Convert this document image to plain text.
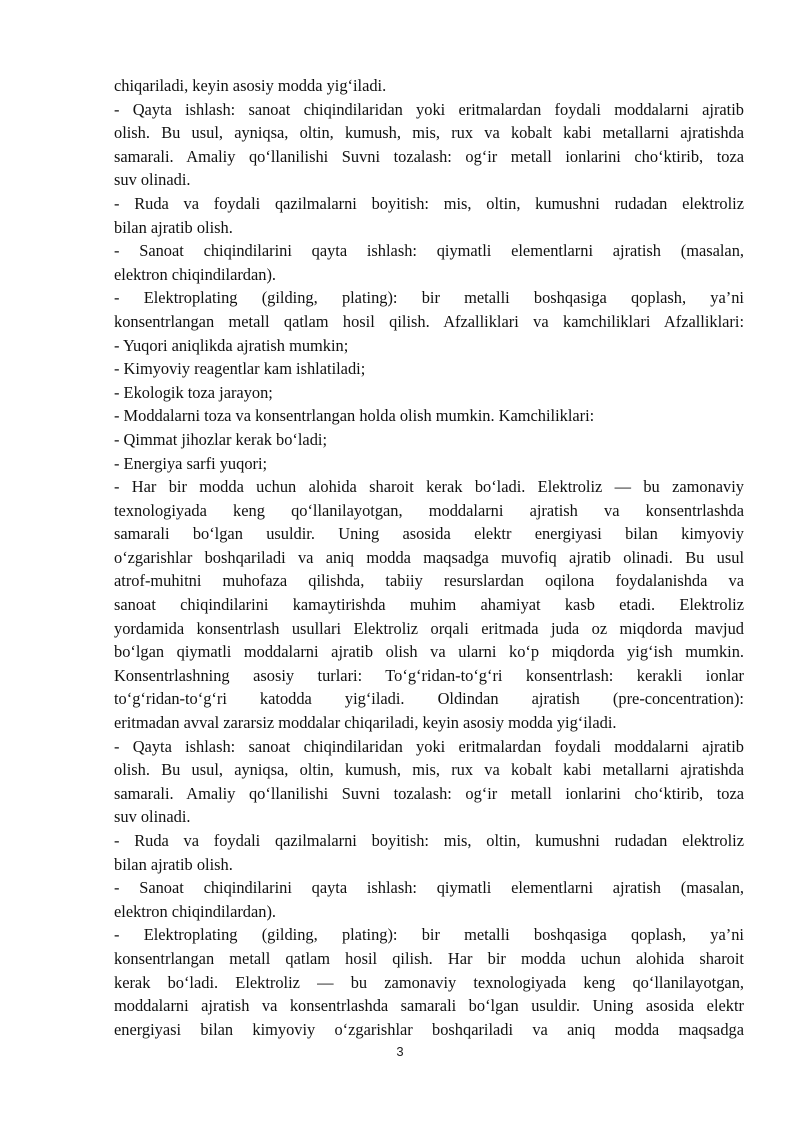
chiqariladi, keyin asosiy modda yig‘iladi.
- Qayta ishlash: sanoat chiqindilaridan yoki eritmalardan foydali moddalarni ajratib
olish. Bu usul, ayniqsa, oltin, kumush, mis, rux va kobalt kabi metallarni ajratishda
samarali. Amaliy qo‘llanilishi Suvni tozalash: og‘ir metall ionlarini cho‘ktirib, toza
suv olinadi.
- Ruda va foydali qazilmalarni boyitish: mis, oltin, kumushni rudadan elektroliz
bilan ajratib olish.
- Sanoat chiqindilarini qayta ishlash: qiymatli elementlarni ajratish (masalan,
elektron chiqindilardan).
- Elektroplating (gilding, plating): bir metalli boshqasiga qoplash, ya’ni
konsentrlangan metall qatlam hosil qilish. Afzalliklari va kamchiliklari Afzalliklari:
- Yuqori aniqlikda ajratish mumkin;
- Kimyoviy reagentlar kam ishlatiladi;
- Ekologik toza jarayon;
- Moddalarni toza va konsentrlangan holda olish mumkin. Kamchiliklari:
- Qimmat jihozlar kerak bo‘ladi;
- Energiya sarfi yuqori;
- Har bir modda uchun alohida sharoit kerak bo‘ladi. Elektroliz — bu zamonaviy
texnologiyada keng qo‘llanilayotgan, moddalarni ajratish va konsentrlashda
samarali bo‘lgan usuldir. Uning asosida elektr energiyasi bilan kimyoviy
o‘zgarishlar boshqariladi va aniq modda maqsadga muvofiq ajratib olinadi. Bu usul
atrof-muhitni muhofaza qilishda, tabiiy resurslardan oqilona foydalanishda va
sanoat chiqindilarini kamaytirishda muhim ahamiyat kasb etadi. Elektroliz
yordamida konsentrlash usullari Elektroliz orqali eritmada juda oz miqdorda mavjud
bo‘lgan qiymatli moddalarni ajratib olish va ularni ko‘p miqdorda yig‘ish mumkin.
Konsentrlashning asosiy turlari: To‘g‘ridan-to‘g‘ri konsentrlash: kerakli ionlar
to‘g‘ridan-to‘g‘ri katodda yig‘iladi. Oldindan ajratish (pre-concentration):
eritmadan avval zararsiz moddalar chiqariladi, keyin asosiy modda yig‘iladi.
- Qayta ishlash: sanoat chiqindilaridan yoki eritmalardan foydali moddalarni ajratib
olish. Bu usul, ayniqsa, oltin, kumush, mis, rux va kobalt kabi metallarni ajratishda
samarali. Amaliy qo‘llanilishi Suvni tozalash: og‘ir metall ionlarini cho‘ktirib, toza
suv olinadi.
- Ruda va foydali qazilmalarni boyitish: mis, oltin, kumushni rudadan elektroliz
bilan ajratib olish.
- Sanoat chiqindilarini qayta ishlash: qiymatli elementlarni ajratish (masalan,
elektron chiqindilardan).
- Elektroplating (gilding, plating): bir metalli boshqasiga qoplash, ya’ni
konsentrlangan metall qatlam hosil qilish. Har bir modda uchun alohida sharoit
kerak bo‘ladi. Elektroliz — bu zamonaviy texnologiyada keng qo‘llanilayotgan,
moddalarni ajratish va konsentrlashda samarali bo‘lgan usuldir. Uning asosida elektr
energiyasi bilan kimyoviy o‘zgarishlar boshqariladi va aniq modda maqsadga
3
